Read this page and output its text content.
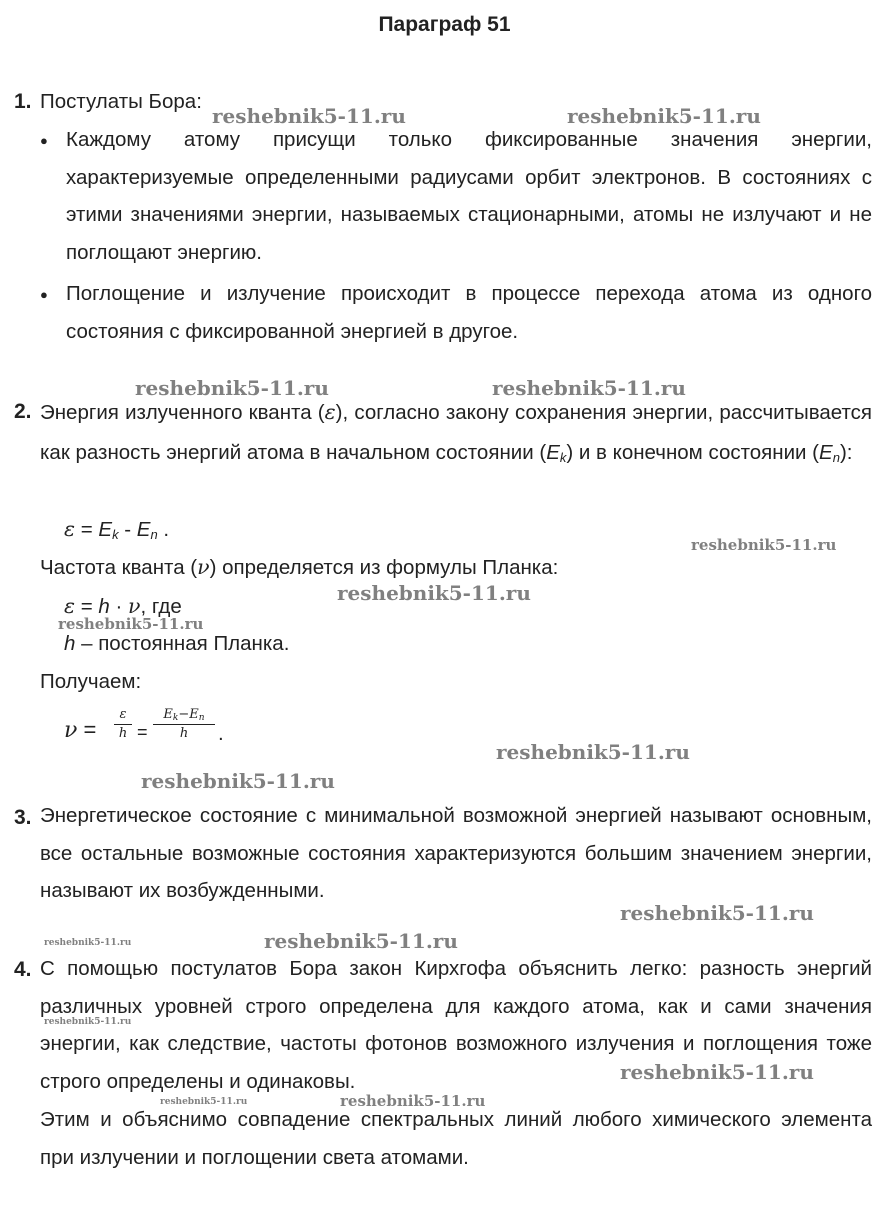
Параграф 51
1. Постулаты Бора:
● Каждому атому присущи только фиксированные значения энергии, характеризуемые определенными радиусами орбит электронов. В состояниях с этими значениями энергии, называемых стационарными, атомы не излучают и не поглощают энергию.
● Поглощение и излучение происходит в процессе перехода атома из одного состояния с фиксированной энергией в другое.
2. Энергия излученного кванта (ε), согласно закону сохранения энергии, рассчитывается как разность энергий атома в начальном состоянии $(E_k)$ и в конечном состоянии $(E_n)$:
$\varepsilon = E_k - E_n$ .
Частота кванта (ν) определяется из формулы Планка:
ε = h · ν, где
h – постоянная Планка.
Получаем:
ν =
ε
h =
$E_k-E_n$
h	.
3. Энергетическое состояние с минимальной возможной энергией называют основным, все остальные возможные состояния характеризуются большим значением энергии, называют их возбужденными.
4. С помощью постулатов Бора закон Кирхгофа объяснить легко: разность энергий различных уровней строго определена для каждого атома, как и сами значения энергии, как следствие, частоты фотонов возможного излучения и поглощения тоже строго определены и одинаковы.
Этим и объяснимо совпадение спектральных линий любого химического элемента при излучении и поглощении света атомами.
reshebnik5-11.ru	reshebnik5-11.ru
reshebnik5-11.ru	reshebnik5-11.ru
reshebnik5-11.ru
reshebnik5-11.ru
reshebnik5-11.ru
reshebnik5-11.ru
reshebnik5-11.ru
reshebnik5-11.ru
reshebnik5-11.ru	reshebnik5-11.ru
reshebnik5-11.ru
reshebnik5-11.ru
reshebnik5-11.ru	reshebnik5-11.ru
